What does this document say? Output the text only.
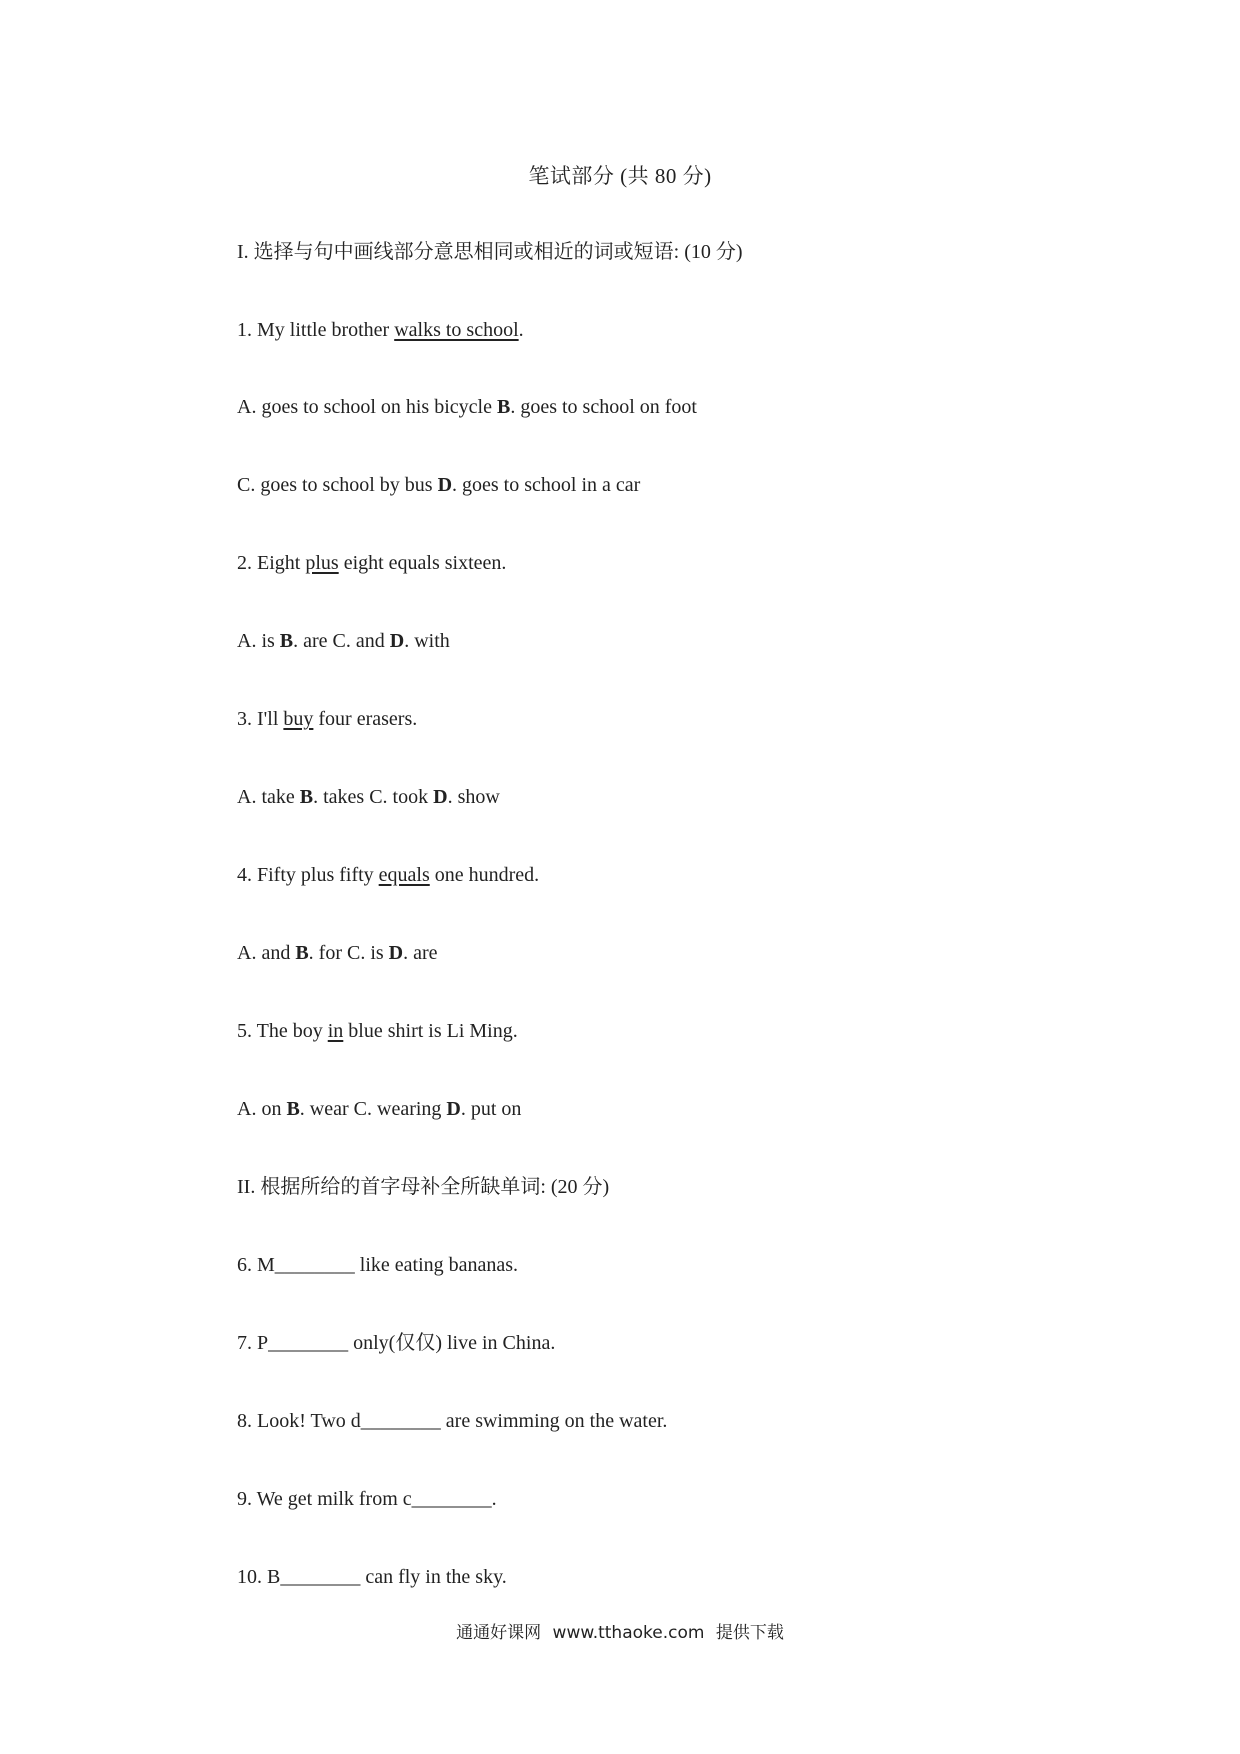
笔试部分 (共 80 分)
I. 选择与句中画线部分意思相同或相近的词或短语: (10 分)
1. My little brother walks to school.
A. goes to school on his bicycle B. goes to school on foot
C. goes to school by bus D. goes to school in a car
2. Eight plus eight equals sixteen.
A. is B. are C. and D. with
3. I'll buy four erasers.
A. take B. takes C. took D. show
4. Fifty plus fifty equals one hundred.
A. and B. for C. is D. are
5. The boy in blue shirt is Li Ming.
A. on B. wear C. wearing D. put on
II. 根据所给的首字母补全所缺单词: (20 分)
6. M________ like eating bananas.
7. P________ only(仅仅) live in China.
8. Look! Two d________ are swimming on the water.
9. We get milk from c________.
10. B________ can fly in the sky.
通通好课网 www.tthaoke.com 提供下载
